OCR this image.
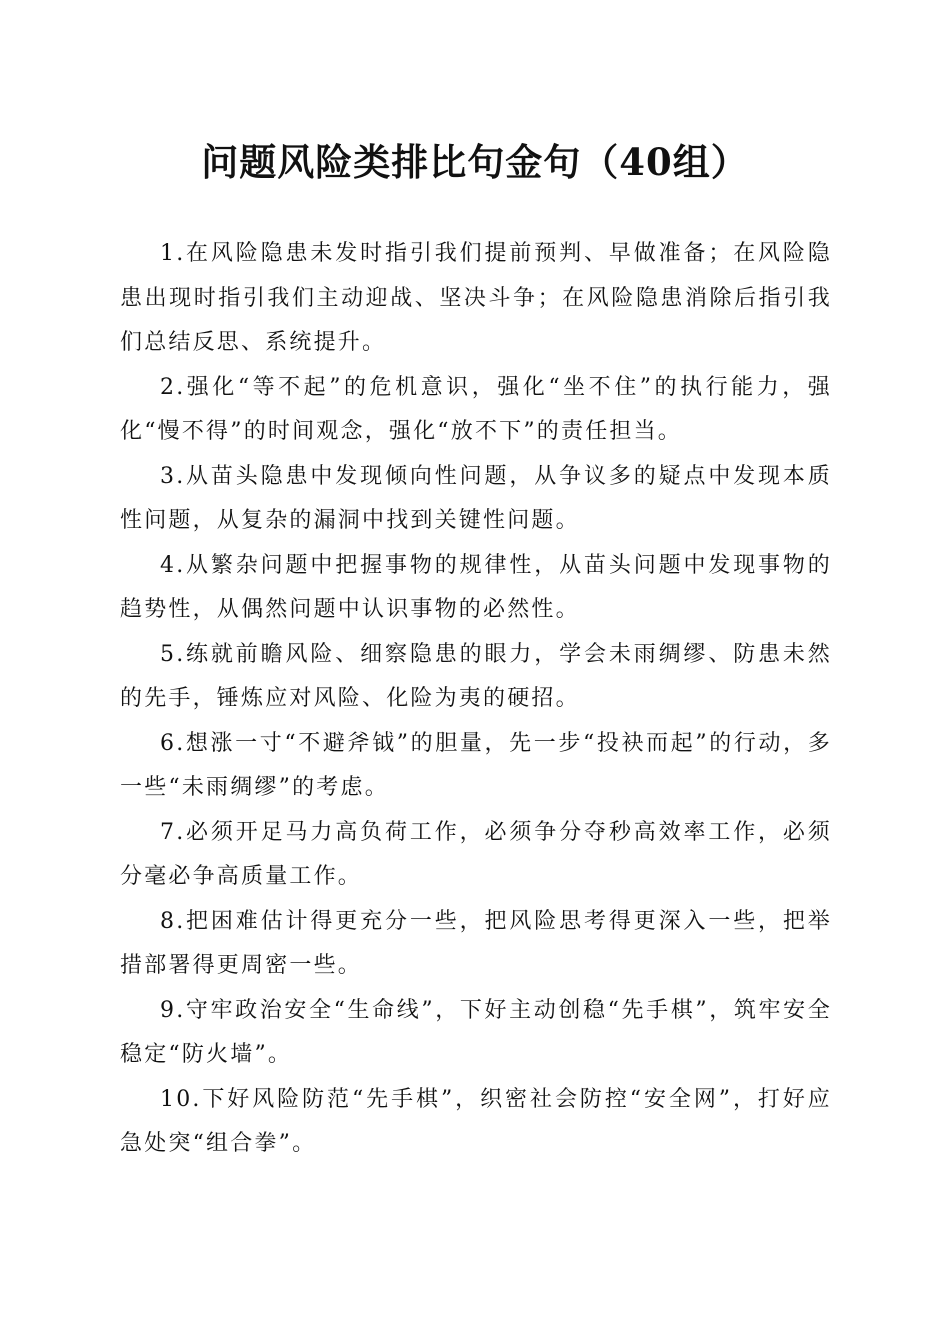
问题风险类排比句金句（40组）

1.在风险隐患未发时指引我们提前预判、早做准备；在风险隐患出现时指引我们主动迎战、坚决斗争；在风险隐患消除后指引我们总结反思、系统提升。

2.强化“等不起”的危机意识，强化“坐不住”的执行能力，强化“慢不得”的时间观念，强化“放不下”的责任担当。

3.从苗头隐患中发现倾向性问题，从争议多的疑点中发现本质性问题，从复杂的漏洞中找到关键性问题。

4.从繁杂问题中把握事物的规律性，从苗头问题中发现事物的趋势性，从偶然问题中认识事物的必然性。

5.练就前瞻风险、细察隐患的眼力，学会未雨绸缪、防患未然的先手，锤炼应对风险、化险为夷的硬招。

6.想涨一寸“不避斧钺”的胆量，先一步“投袂而起”的行动，多一些“未雨绸缪”的考虑。

7.必须开足马力高负荷工作，必须争分夺秒高效率工作，必须分毫必争高质量工作。

8.把困难估计得更充分一些，把风险思考得更深入一些，把举措部署得更周密一些。

9.守牢政治安全“生命线”，下好主动创稳“先手棋”，筑牢安全稳定“防火墙”。

10.下好风险防范“先手棋”，织密社会防控“安全网”，打好应急处突“组合拳”。
